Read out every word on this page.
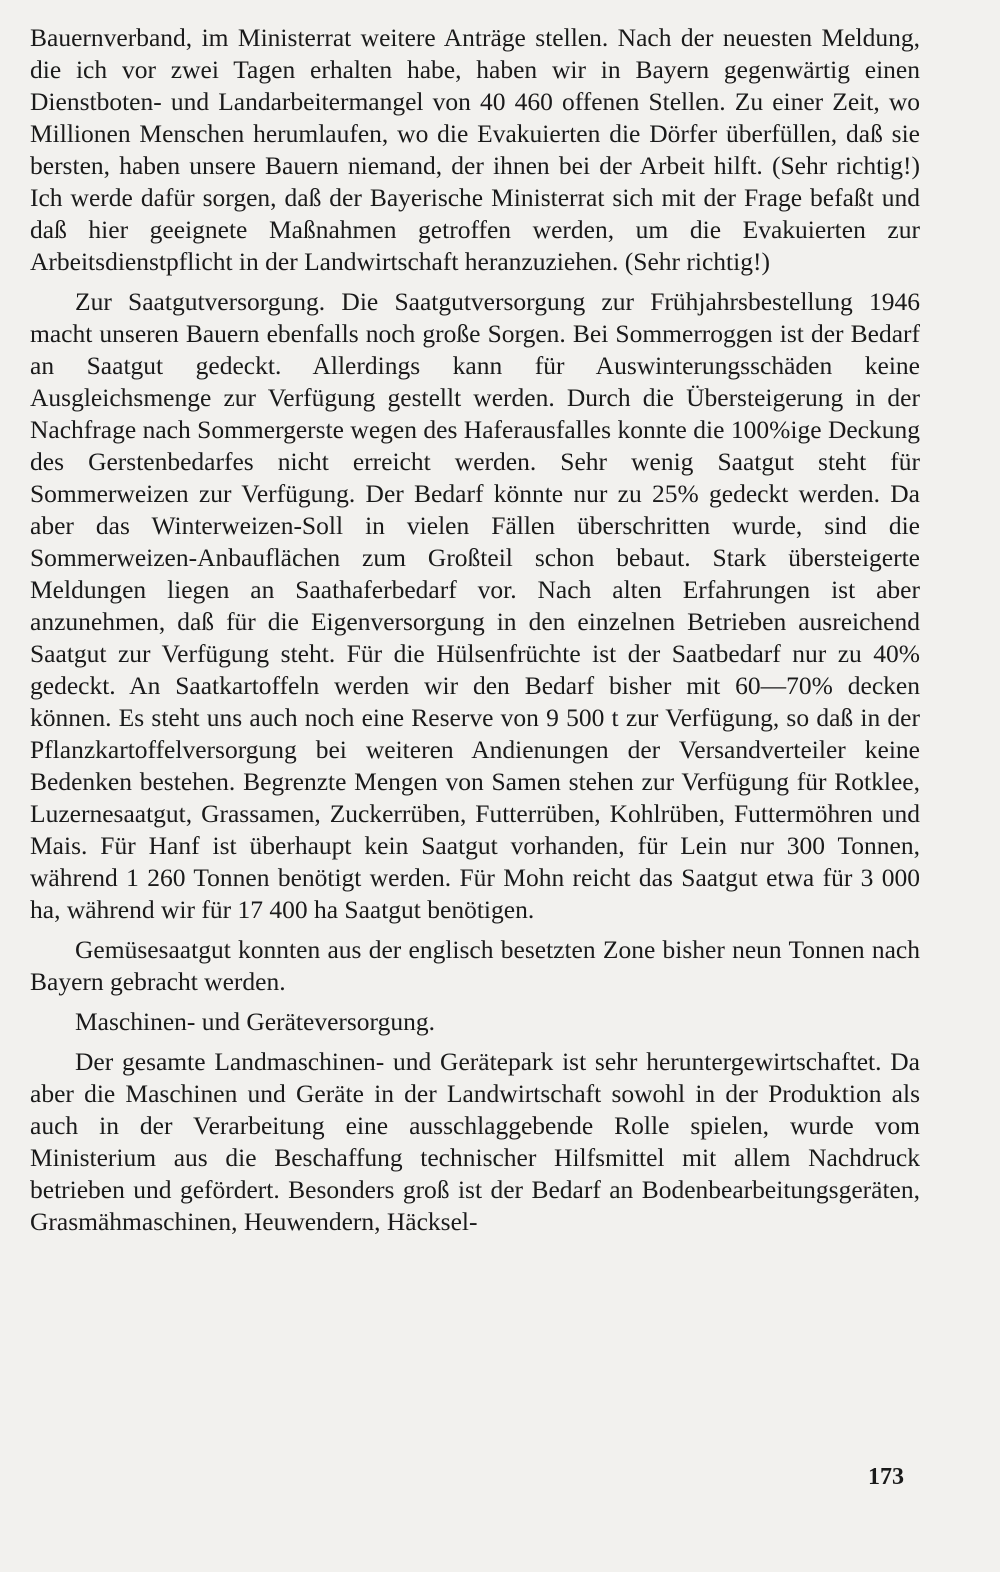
Bauernverband, im Ministerrat weitere Anträge stellen. Nach der neuesten Meldung, die ich vor zwei Tagen erhalten habe, haben wir in Bayern gegenwärtig einen Dienstboten- und Landarbeitermangel von 40 460 offenen Stellen. Zu einer Zeit, wo Millionen Menschen herumlaufen, wo die Evakuierten die Dörfer überfüllen, daß sie bersten, haben unsere Bauern niemand, der ihnen bei der Arbeit hilft. (Sehr richtig!) Ich werde dafür sorgen, daß der Bayerische Ministerrat sich mit der Frage befaßt und daß hier geeignete Maßnahmen getroffen werden, um die Evakuierten zur Arbeitsdienstpflicht in der Landwirtschaft heranzuziehen. (Sehr richtig!)

Zur Saatgutversorgung. Die Saatgutversorgung zur Frühjahrsbestellung 1946 macht unseren Bauern ebenfalls noch große Sorgen. Bei Sommerroggen ist der Bedarf an Saatgut gedeckt. Allerdings kann für Auswinterungsschäden keine Ausgleichsmenge zur Verfügung gestellt werden. Durch die Übersteigerung in der Nachfrage nach Sommergerste wegen des Haferausfalles konnte die 100%ige Deckung des Gerstenbedarfes nicht erreicht werden. Sehr wenig Saatgut steht für Sommerweizen zur Verfügung. Der Bedarf könnte nur zu 25% gedeckt werden. Da aber das Winterweizen-Soll in vielen Fällen überschritten wurde, sind die Sommerweizen-Anbauflächen zum Großteil schon bebaut. Stark übersteigerte Meldungen liegen an Saathaferbedarf vor. Nach alten Erfahrungen ist aber anzunehmen, daß für die Eigenversorgung in den einzelnen Betrieben ausreichend Saatgut zur Verfügung steht. Für die Hülsenfrüchte ist der Saatbedarf nur zu 40% gedeckt. An Saatkartoffeln werden wir den Bedarf bisher mit 60—70% decken können. Es steht uns auch noch eine Reserve von 9 500 t zur Verfügung, so daß in der Pflanzkartoffelversorgung bei weiteren Andienungen der Versandverteiler keine Bedenken bestehen. Begrenzte Mengen von Samen stehen zur Verfügung für Rotklee, Luzernesaatgut, Grassamen, Zuckerrüben, Futterrüben, Kohlrüben, Futtermöhren und Mais. Für Hanf ist überhaupt kein Saatgut vorhanden, für Lein nur 300 Tonnen, während 1 260 Tonnen benötigt werden. Für Mohn reicht das Saatgut etwa für 3 000 ha, während wir für 17 400 ha Saatgut benötigen.

Gemüsesaatgut konnten aus der englisch besetzten Zone bisher neun Tonnen nach Bayern gebracht werden.

Maschinen- und Geräteversorgung.

Der gesamte Landmaschinen- und Gerätepark ist sehr heruntergewirtschaftet. Da aber die Maschinen und Geräte in der Landwirtschaft sowohl in der Produktion als auch in der Verarbeitung eine ausschlaggebende Rolle spielen, wurde vom Ministerium aus die Beschaffung technischer Hilfsmittel mit allem Nachdruck betrieben und gefördert. Besonders groß ist der Bedarf an Bodenbearbeitungsgeräten, Grasmähmaschinen, Heuwendern, Häcksel-

173
